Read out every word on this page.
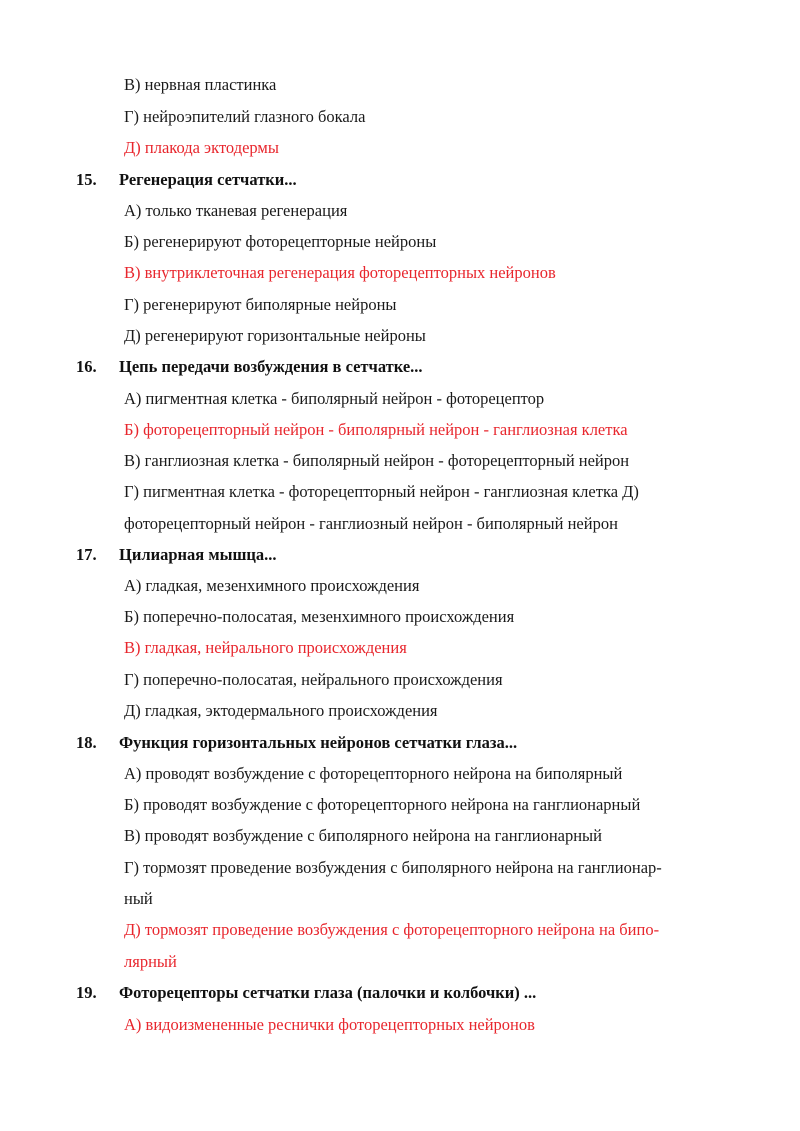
В) нервная пластинка
Г) нейроэпителий глазного бокала
Д) плакода эктодермы
15. Регенерация сетчатки...
А) только тканевая регенерация
Б) регенерируют фоторецепторные нейроны
В) внутриклеточная регенерация фоторецепторных нейронов
Г) регенерируют биполярные нейроны
Д) регенерируют горизонтальные нейроны
16. Цепь передачи возбуждения в сетчатке...
А) пигментная клетка - биполярный нейрон - фоторецептор
Б) фоторецепторный нейрон - биполярный нейрон - ганглиозная клетка
В) ганглиозная клетка - биполярный нейрон - фоторецепторный нейрон
Г) пигментная клетка - фоторецепторный нейрон - ганглиозная клетка Д)
фоторецепторный нейрон - ганглиозный нейрон - биполярный нейрон
17. Цилиарная мышца...
А) гладкая, мезенхимного происхождения
Б) поперечно-полосатая, мезенхимного происхождения
В) гладкая, нейрального происхождения
Г) поперечно-полосатая, нейрального происхождения
Д) гладкая, эктодермального происхождения
18. Функция горизонтальных нейронов сетчатки глаза...
А) проводят возбуждение с фоторецепторного нейрона на биполярный
Б) проводят возбуждение с фоторецепторного нейрона на ганглионарный
В) проводят возбуждение с биполярного нейрона на ганглионарный
Г) тормозят проведение возбуждения с биполярного нейрона на ганглионар-
ный
Д) тормозят проведение возбуждения с фоторецепторного нейрона на бипо-
лярный
19. Фоторецепторы сетчатки глаза (палочки и колбочки) ...
А) видоизмененные реснички фоторецепторных нейронов
